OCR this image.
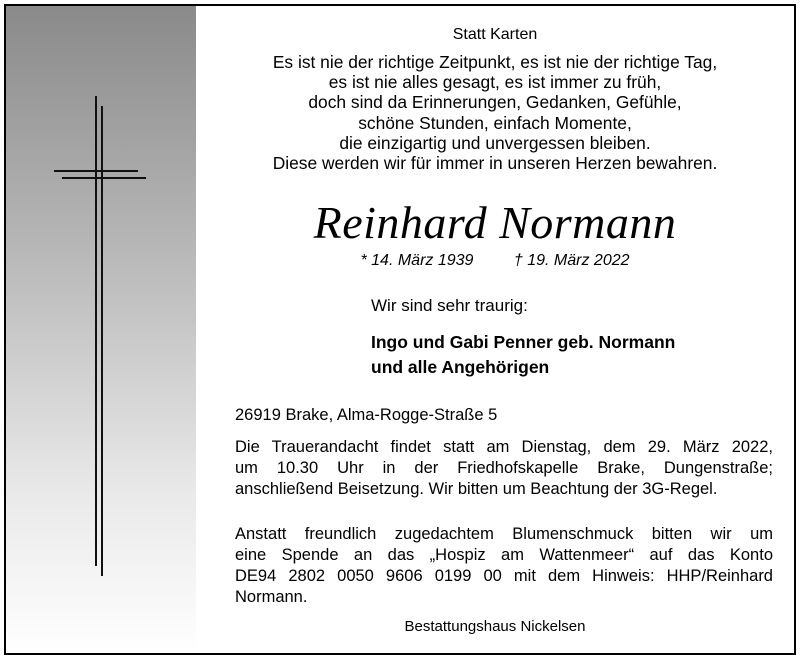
Statt Karten
Es ist nie der richtige Zeitpunkt, es ist nie der richtige Tag,
es ist nie alles gesagt, es ist immer zu früh,
doch sind da Erinnerungen, Gedanken, Gefühle,
schöne Stunden, einfach Momente,
die einzigartig und unvergessen bleiben.
Diese werden wir für immer in unseren Herzen bewahren.
Reinhard Normann
* 14. März 1939	† 19. März 2022
Wir sind sehr traurig:
Ingo und Gabi Penner geb. Normann
und alle Angehörigen
26919 Brake, Alma-Rogge-Straße 5
Die Trauerandacht findet statt am Dienstag, dem 29. März 2022,
um 10.30 Uhr in der Friedhofskapelle Brake, Dungenstraße;
anschließend Beisetzung. Wir bitten um Beachtung der 3G-Regel.
Anstatt freundlich zugedachtem Blumenschmuck bitten wir um
eine Spende an das „Hospiz am Wattenmeer“ auf das Konto
DE94 2802 0050 9606 0199 00 mit dem Hinweis: HHP/Reinhard
Normann.
Bestattungshaus Nickelsen
